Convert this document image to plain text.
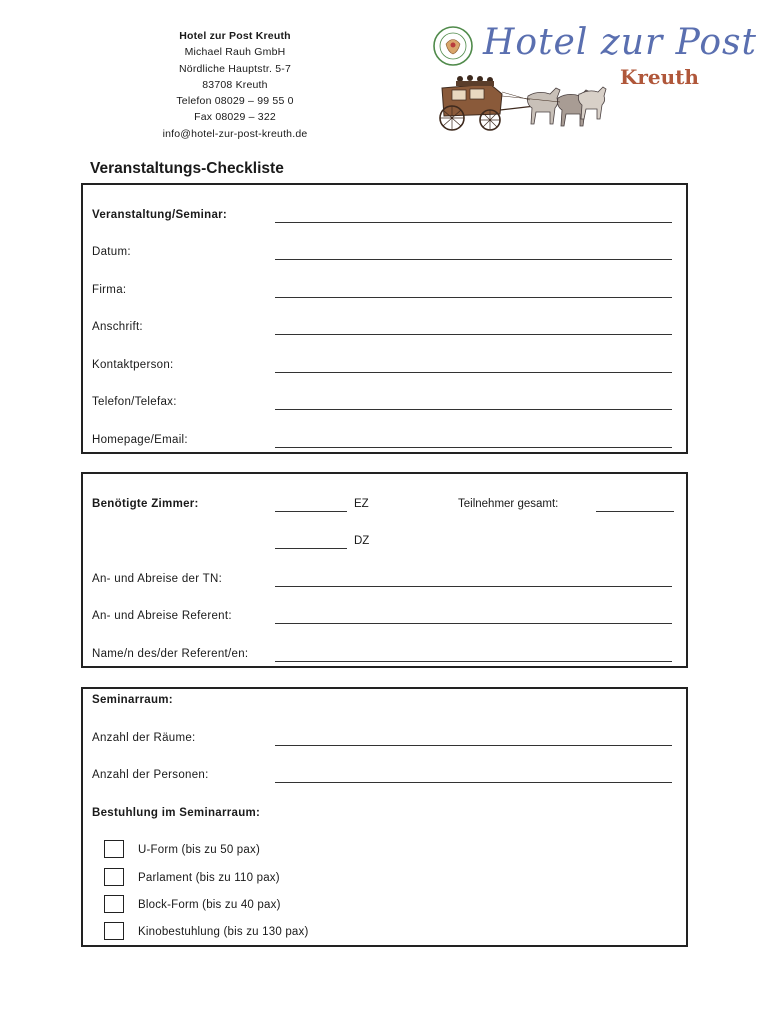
Hotel zur Post Kreuth
Michael Rauh GmbH
Nördliche Hauptstr. 5-7
83708 Kreuth
Telefon 08029 – 99 55 0
Fax 08029 – 322
info@hotel-zur-post-kreuth.de
Hotel zur Post
Kreuth
Veranstaltungs-Checkliste
Veranstaltung/Seminar:
Datum:
Firma:
Anschrift:
Kontaktperson:
Telefon/Telefax:
Homepage/Email:
Benötigte Zimmer:	EZ	Teilnehmer gesamt:
DZ
An- und Abreise der TN:
An- und Abreise Referent:
Name/n des/der Referent/en:
Seminarraum:
Anzahl der Räume:
Anzahl der Personen:
Bestuhlung im Seminarraum:
U-Form (bis zu 50 pax)
Parlament (bis zu 110 pax)
Block-Form (bis zu 40 pax)
Kinobestuhlung (bis zu 130 pax)
